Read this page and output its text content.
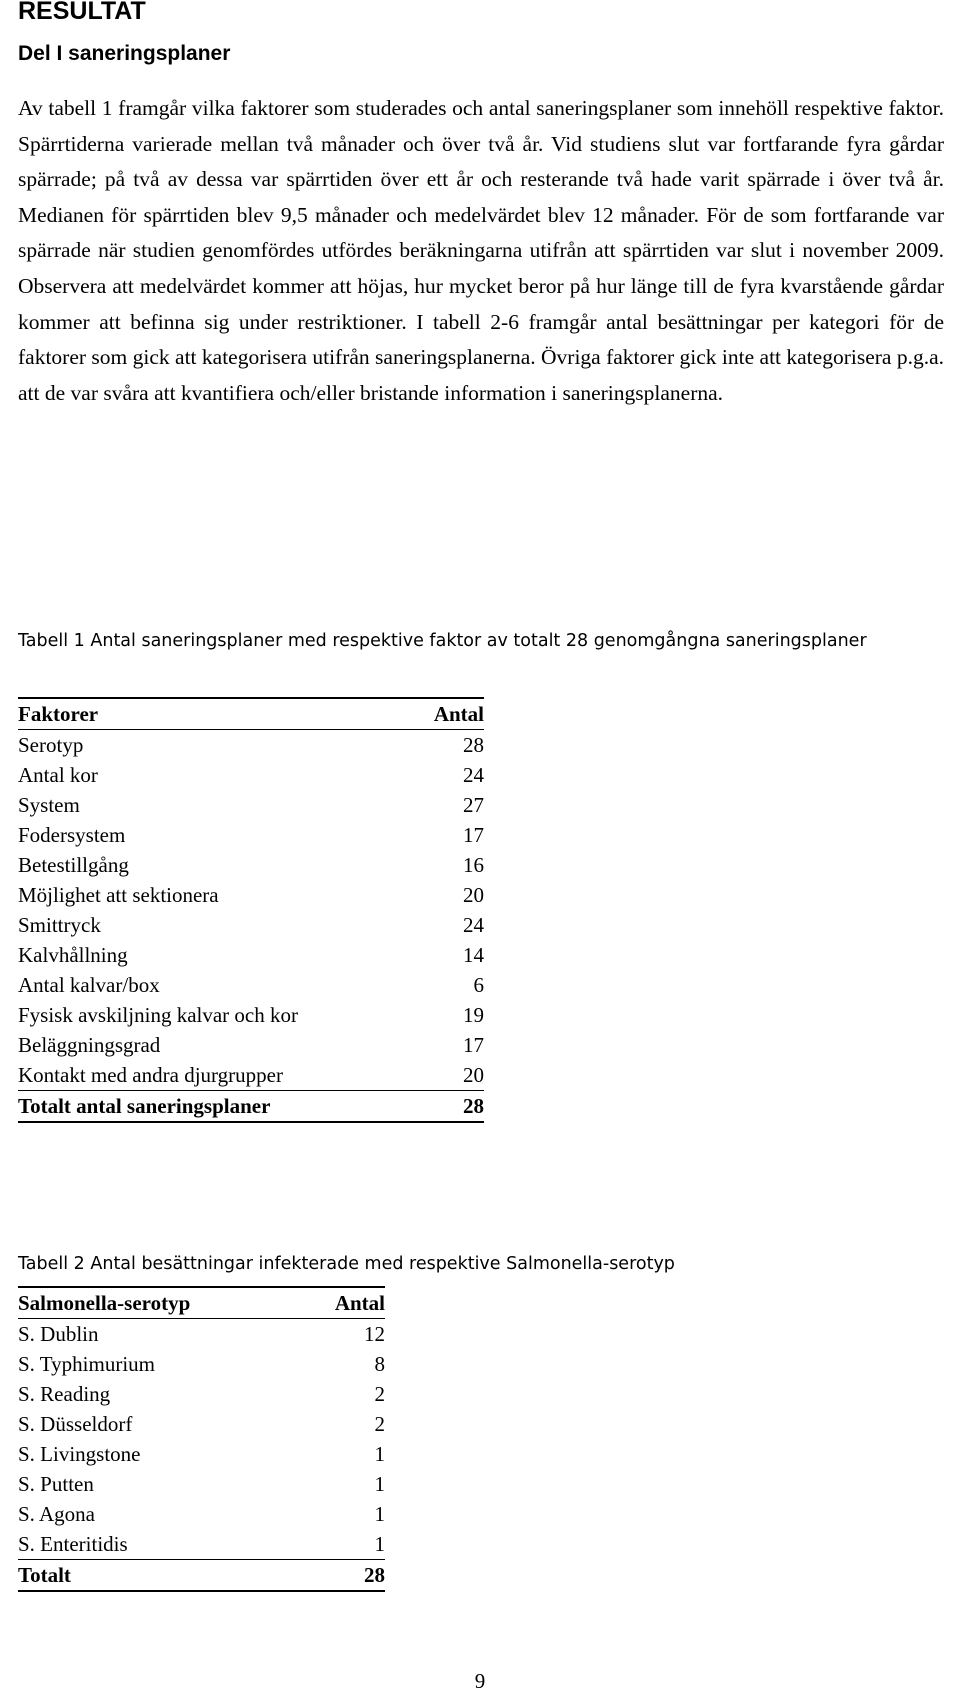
RESULTAT
Del I saneringsplaner

Av tabell 1 framgår vilka faktorer som studerades och antal saneringsplaner som innehöll respektive faktor. Spärrtiderna varierade mellan två månader och över två år. Vid studiens slut var fortfarande fyra gårdar spärrade; på två av dessa var spärrtiden över ett år och resterande två hade varit spärrade i över två år. Medianen för spärrtiden blev 9,5 månader och medelvärdet blev 12 månader. För de som fortfarande var spärrade när studien genomfördes utfördes beräkningarna utifrån att spärrtiden var slut i november 2009. Observera att medelvärdet kommer att höjas, hur mycket beror på hur länge till de fyra kvarstående gårdar kommer att befinna sig under restriktioner. I tabell 2-6 framgår antal besättningar per kategori för de faktorer som gick att kategorisera utifrån saneringsplanerna. Övriga faktorer gick inte att kategorisera p.g.a. att de var svåra att kvantifiera och/eller bristande information i saneringsplanerna.

Tabell 1 Antal saneringsplaner med respektive faktor av totalt 28 genomgångna saneringsplaner

Faktorer	Antal
Serotyp	28
Antal kor	24
System	27
Fodersystem	17
Betestillgång	16
Möjlighet att sektionera	20
Smittryck	24
Kalvhållning	14
Antal kalvar/box	6
Fysisk avskiljning kalvar och kor	19
Beläggningsgrad	17
Kontakt med andra djurgrupper	20
Totalt antal saneringsplaner	28

Tabell 2 Antal besättningar infekterade med respektive Salmonella-serotyp

Salmonella-serotyp	Antal
S. Dublin	12
S. Typhimurium	8
S. Reading	2
S. Düsseldorf	2
S. Livingstone	1
S. Putten	1
S. Agona	1
S. Enteritidis	1
Totalt	28
9
